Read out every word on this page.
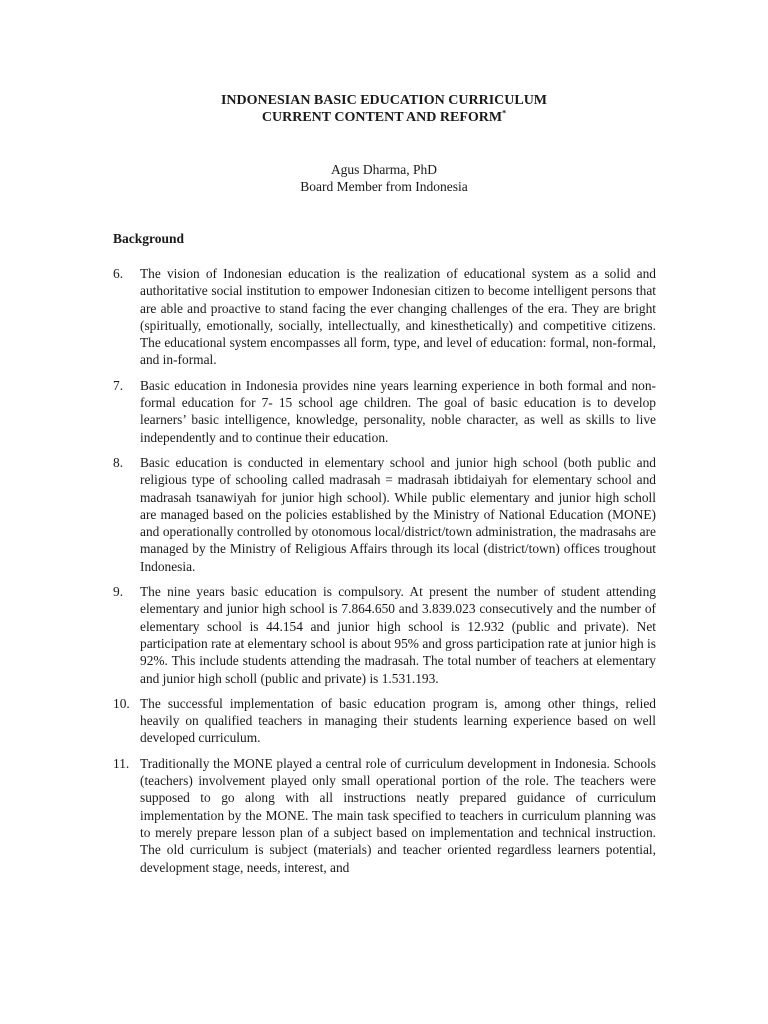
INDONESIAN BASIC EDUCATION CURRICULUM
CURRENT CONTENT AND REFORM*
Agus Dharma, PhD
Board Member from Indonesia
Background
6.	The vision of Indonesian education is the realization of educational system as a solid and authoritative social institution to empower Indonesian citizen to become intelligent persons that are able and proactive to stand facing the ever changing challenges of the era. They are bright (spiritually, emotionally, socially, intellectually, and kinesthetically) and competitive citizens. The educational system encompasses all form, type, and level of education: formal, non-formal, and in-formal.
7.	Basic education in Indonesia provides nine years learning experience in both formal and non-formal education for 7- 15 school age children. The goal of basic education is to develop learners’ basic intelligence, knowledge, personality, noble character, as well as skills to live independently and to continue their education.
8.	Basic education is conducted in elementary school and junior high school (both public and religious type of schooling called madrasah = madrasah ibtidaiyah for elementary school and madrasah tsanawiyah for junior high school). While public elementary and junior high scholl are managed based on the policies established by the Ministry of National Education (MONE) and operationally controlled by otonomous local/district/town administration, the madrasahs are managed by the Ministry of Religious Affairs through its local (district/town) offices troughout Indonesia.
9.	The nine years basic education is compulsory. At present the number of student attending elementary and junior high school is 7.864.650 and 3.839.023 consecutively and the number of elementary school is 44.154 and junior high school is 12.932 (public and private). Net participation rate at elementary school is about 95% and gross participation rate at junior high is 92%. This include students attending the madrasah. The total number of teachers at elementary and junior high scholl (public and private) is 1.531.193.
10. The successful implementation of basic education program is, among other things, relied heavily on qualified teachers in managing their students learning experience based on well developed curriculum.
11. Traditionally the MONE played a central role of curriculum development in Indonesia. Schools (teachers) involvement played only small operational portion of the role. The teachers were supposed to go along with all instructions neatly prepared guidance of curriculum implementation by the MONE. The main task specified to teachers in curriculum planning was to merely prepare lesson plan of a subject based on implementation and technical instruction. The old curriculum is subject (materials) and teacher oriented regardless learners potential, development stage, needs, interest, and
